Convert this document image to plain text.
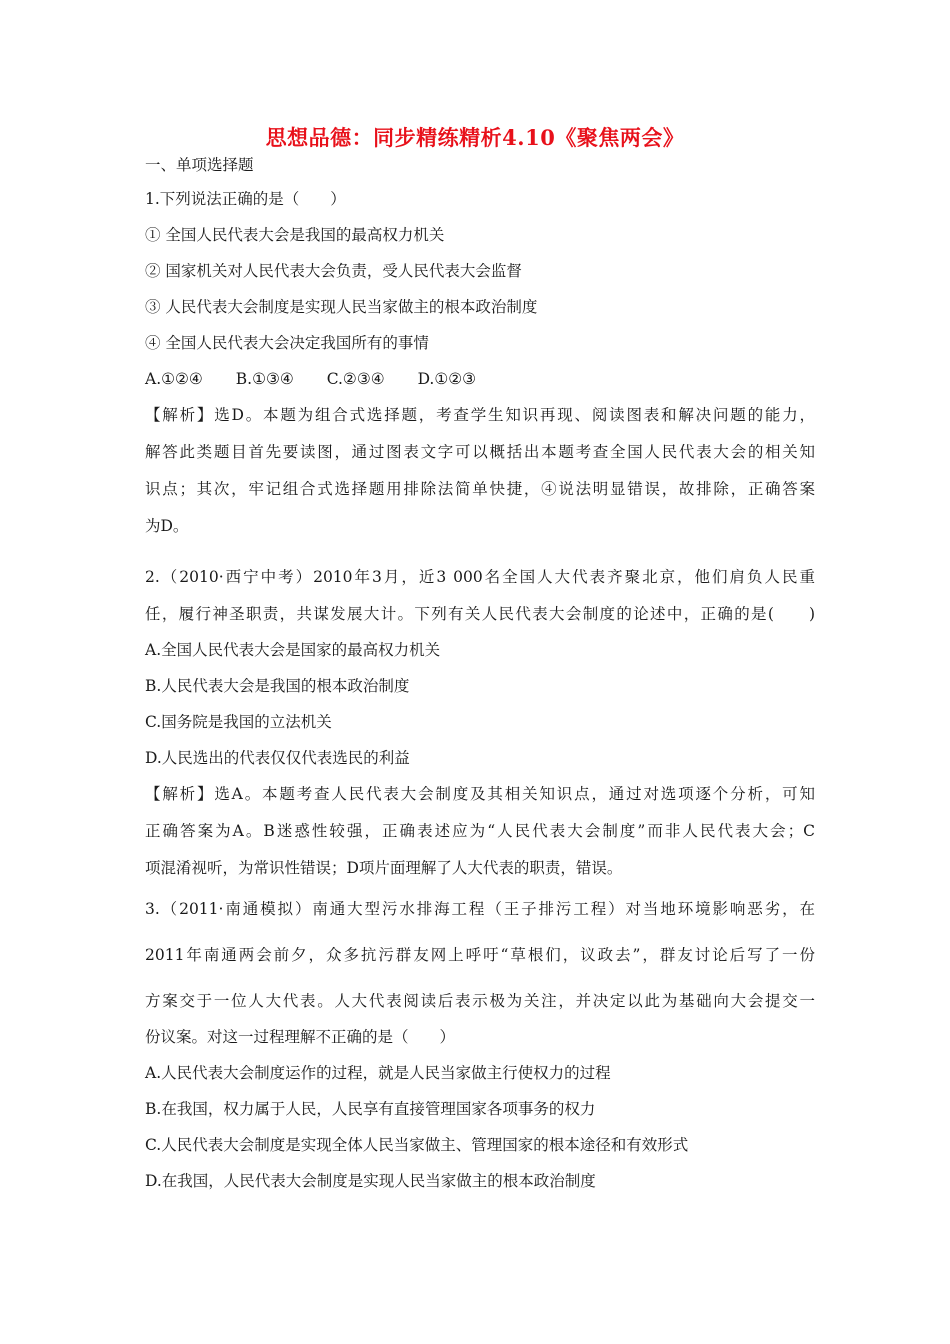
思想品德：同步精练精析4.10《聚焦两会》
一、单项选择题
1.下列说法正确的是（　　）
① 全国人民代表大会是我国的最高权力机关
② 国家机关对人民代表大会负责，受人民代表大会监督
③ 人民代表大会制度是实现人民当家做主的根本政治制度
④ 全国人民代表大会决定我国所有的事情
A.①②④ B.①③④ C.②③④ D.①②③
【解析】选D。本题为组合式选择题，考查学生知识再现、阅读图表和解决问题的能力，
解答此类题目首先要读图，通过图表文字可以概括出本题考查全国人民代表大会的相关知
识点；其次，牢记组合式选择题用排除法简单快捷，④说法明显错误，故排除，正确答案
为D。
2.（2010·西宁中考）2010年3月，近3 000名全国人大代表齐聚北京，他们肩负人民重
任，履行神圣职责，共谋发展大计。下列有关人民代表大会制度的论述中，正确的是(　　)
A.全国人民代表大会是国家的最高权力机关
B.人民代表大会是我国的根本政治制度
C.国务院是我国的立法机关
D.人民选出的代表仅仅代表选民的利益
【解析】选A。本题考查人民代表大会制度及其相关知识点，通过对选项逐个分析，可知
正确答案为A。B迷惑性较强，正确表述应为“人民代表大会制度”而非人民代表大会；C
项混淆视听，为常识性错误；D项片面理解了人大代表的职责，错误。
3.（2011·南通模拟）南通大型污水排海工程（王子排污工程）对当地环境影响恶劣，在
2011年南通两会前夕，众多抗污群友网上呼吁“草根们，议政去”，群友讨论后写了一份
方案交于一位人大代表。人大代表阅读后表示极为关注，并决定以此为基础向大会提交一
份议案。对这一过程理解不正确的是（　　）
A.人民代表大会制度运作的过程，就是人民当家做主行使权力的过程
B.在我国，权力属于人民，人民享有直接管理国家各项事务的权力
C.人民代表大会制度是实现全体人民当家做主、管理国家的根本途径和有效形式
D.在我国，人民代表大会制度是实现人民当家做主的根本政治制度
